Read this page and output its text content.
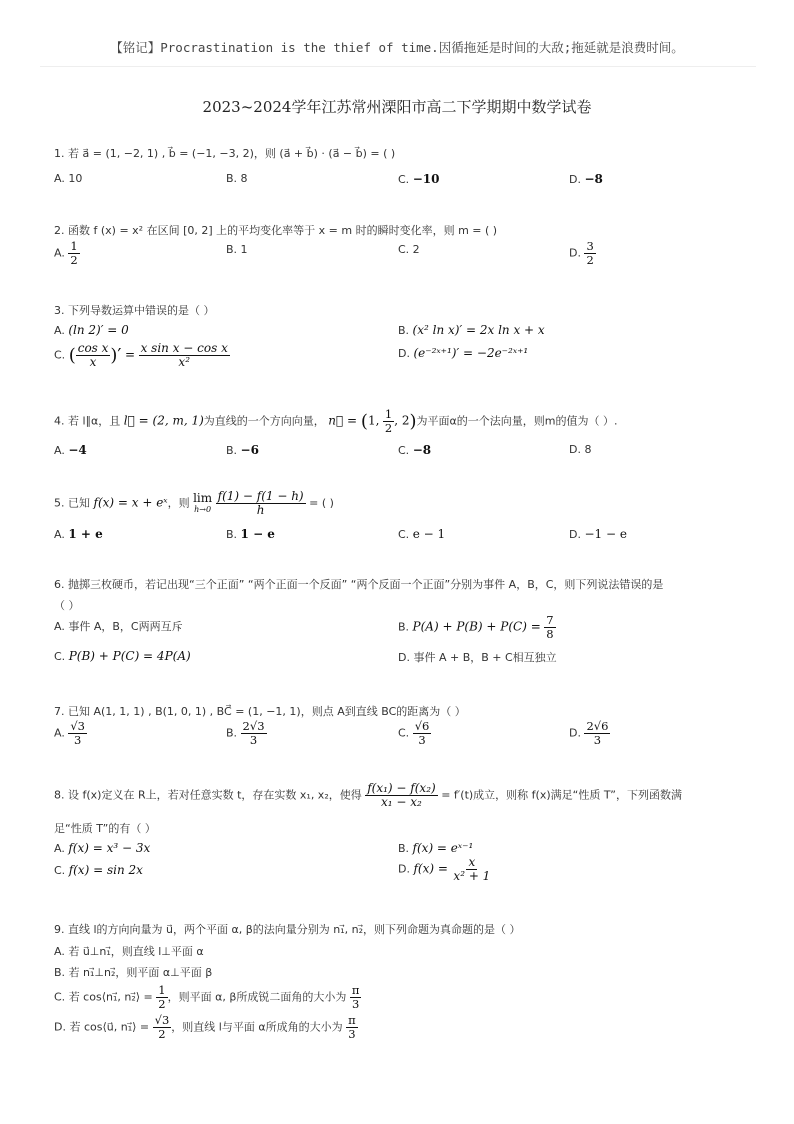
【铭记】Procrastination is the thief of time.因循拖延是时间的大敌;拖延就是浪费时间。
2023~2024学年江苏常州溧阳市高二下学期期中数学试卷
1. 若 a⃗ = (1, −2, 1) , b⃗ = (−1, −3, 2)，则 (a⃗ + b⃗) · (a⃗ − b⃗) = ( )
A. 10	B. 8	C. −10	D. −8
2. 函数 f (x) = x² 在区间 [0, 2] 上的平均变化率等于 x = m 时的瞬时变化率，则 m = ( )
A. $\frac{1}{2}$	B. 1	C. 2	D. $\frac{3}{2}$
3. 下列导数运算中错误的是（ ）
A. (ln 2)′ = 0	B. (x² ln x)′ = 2x ln x + x
C. ( $\frac{\text{cos x}}{x}$ )′ = $\frac{\text{x sin x − cos x}}{\text{x²}}$	D. (e⁻²ˣ⁺¹)′ = −2e⁻²ˣ⁺¹
4. 若 l∥α，且 l⃗ = (2, m, 1)为直线的一个方向向量， n⃗ = (1, $\frac{1}{2}$ , 2)为平面α的一个法向量，则m的值为（ ）.
A. −4	B. −6	C. −8	D. 8
5. 已知 f(x) = x + eˣ，则 lim
h→0
$\frac{f(1) - f(1 - h)}{h}$ = ( )
A. 1 + e	B. 1 − e	C. e − 1	D. −1 − e
6. 抛掷三枚硬币，若记出现“三个正面” “两个正面一个反面” “两个反面一个正面”分别为事件 A，B，C，则下列说法错误的是
（ ）
A. 事件 A，B，C两两互斥	B. $P(A) + P(B) + P(C) = \frac{7}{8}$
C. P(B) + P(C) = 4P(A)	D. 事件 A + B，B + C相互独立
7. 已知 A(1, 1, 1) , B(1, 0, 1) , BC⃗ = (1, −1, 1)，则点 A到直线 BC的距离为（ ）
A. $\frac{√3}{3}$	B. $\frac{2√3}{3}$	C. $\frac{√6}{3}$	D. $\frac{2√6}{3}$
8. 设 f(x)定义在 R上，若对任意实数 t，存在实数 x₁, x₂，使得 $\frac{\text{f(x₁) − f(x₂)}}{\text{x₁ − x₂}} = f'(t)$成立，则称 f(x)满足“性质 T”，下列函数满
足“性质 T”的有（ ）
A. f(x) = x³ − 3x	B. f(x) = eˣ⁻¹
C. f(x) = sin 2x	D. $f(x) = \frac{x}{\text{x² + 1}}$
9. 直线 l的方向向量为 u⃗，两个平面 α, β的法向量分别为 n₁⃗, n₂⃗，则下列命题为真命题的是（ ）
A. 若 u⃗⊥n₁⃗，则直线 l⊥平面 α
B. 若 n₁⃗⊥n₂⃗，则平面 α⊥平面 β
C. 若 cos⟨n₁⃗, n₂⃗⟩ = $\frac{1}{2}$ ，则平面 α, β所成锐二面角的大小为 $\frac{\pi}{3}$
D. 若 cos⟨u⃗, n₁⃗⟩ = $\frac{√3}{2}$ ，则直线 l与平面 α所成角的大小为 $\frac{\pi}{3}$
